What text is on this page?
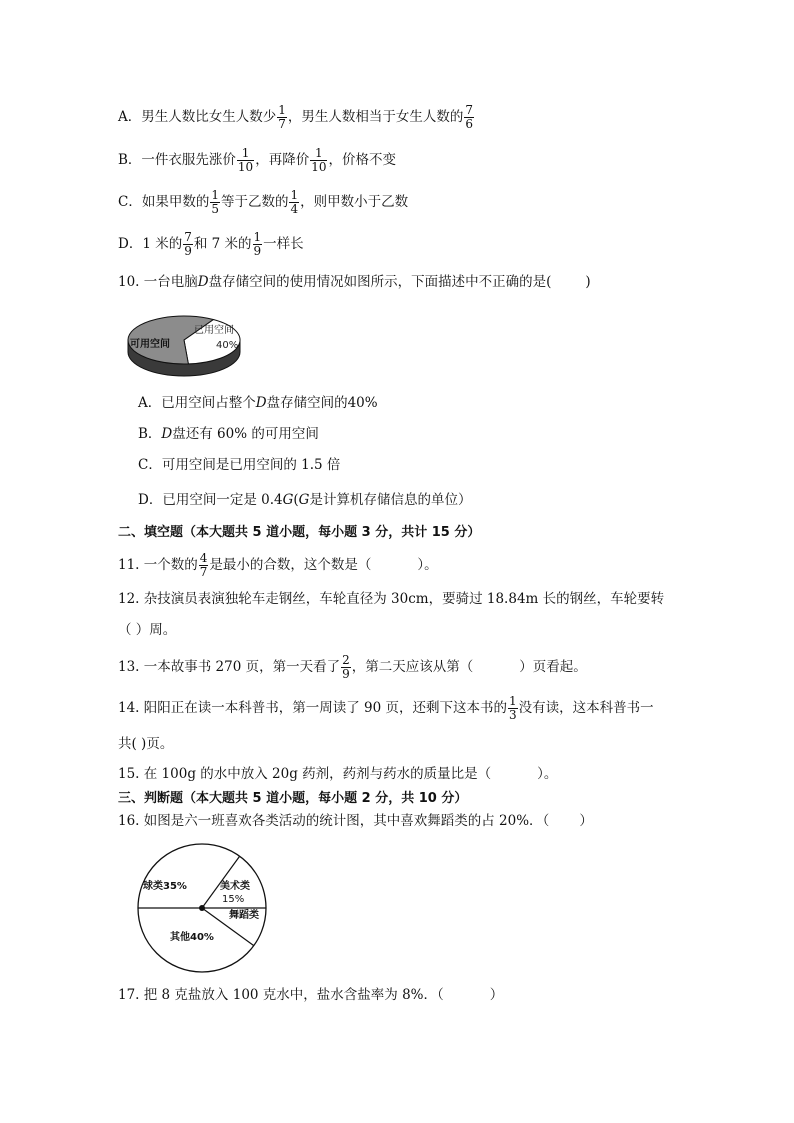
A．男生人数比女生人数少 $\frac{1}{7}$ ，男生人数相当于女生人数的 $\frac{7}{6}$
B．一件衣服先涨价 $\frac{1}{10}$ ，再降价 $\frac{1}{10}$ ，价格不变
C．如果甲数的 $\frac{1}{5}$ 等于乙数的 $\frac{1}{4}$ ，则甲数小于乙数
D．1 米的 $\frac{7}{9}$ 和 7 米的 $\frac{1}{9}$ 一样长
10. 一台电脑D盘存储空间的使用情况如图所示，下面描述中不正确的是(	)
已用空间
40%
可用空间
A．已用空间占整个D盘存储空间的40%
B．D盘还有 60% 的可用空间
C．可用空间是已用空间的 1.5 倍
D．已用空间一定是 0.4G(G是计算机存储信息的单位）
二、填空题（本大题共 5 道小题，每小题 3 分，共计 15 分）
11. 一个数的 $\frac{4}{7}$ 是最小的合数，这个数是（	）。
12. 杂技演员表演独轮车走钢丝，车轮直径为 30cm，要骑过 18.84m 长的钢丝，车轮要转
（ ）周。
13. 一本故事书 270 页，第一天看了 $\frac{2}{9}$ ，第二天应该从第（	）页看起。
14. 阳阳正在读一本科普书，第一周读了 90 页，还剩下这本书的 $\frac{1}{3}$ 没有读，这本科普书一
共( )页。
15. 在 100g 的水中放入 20g 药剂，药剂与药水的质量比是（	）。
三、判断题（本大题共 5 道小题，每小题 2 分，共 10 分）
16. 如图是六一班喜欢各类活动的统计图，其中喜欢舞蹈类的占 20%．（ ）
球类35%	美术类
15%
舞蹈类
其他40%
17. 把 8 克盐放入 100 克水中，盐水含盐率为 8%．（	）
